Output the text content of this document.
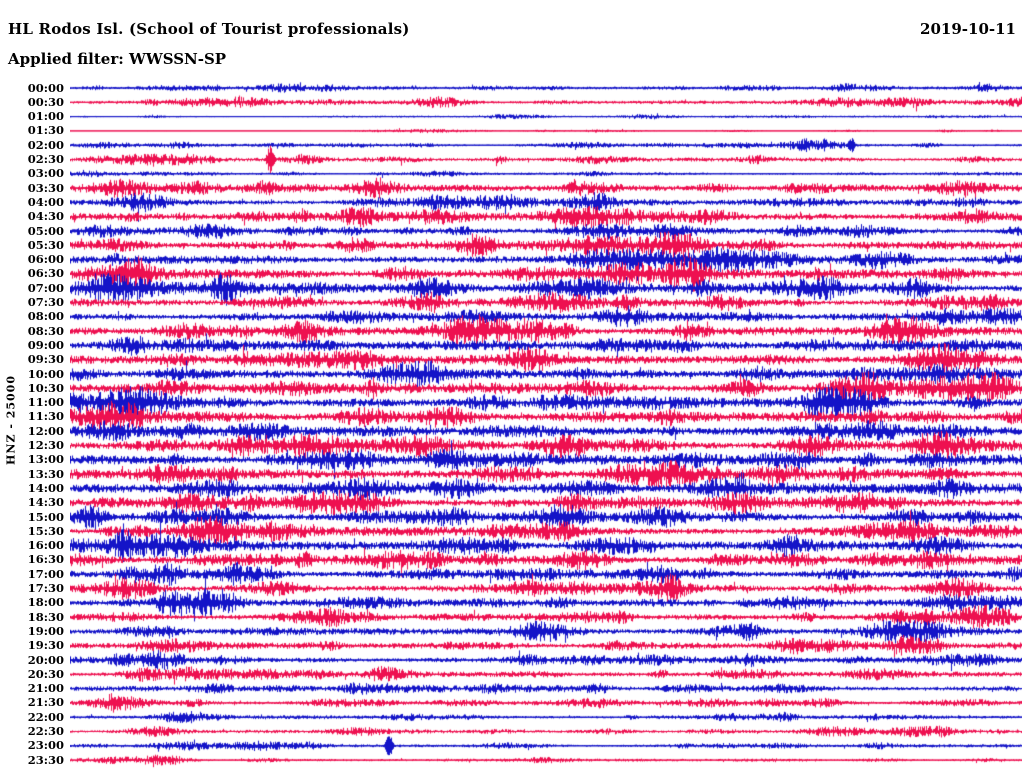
HL Rodos Isl. (School of Tourist professionals)	2019-10-11
Applied filter: WWSSN-SP
HNZ - 25000
00:00
00:30
01:00
01:30
02:00
02:30
03:00
03:30
04:00
04:30
05:00
05:30
06:00
06:30
07:00
07:30
08:00
08:30
09:00
09:30
10:00
10:30
11:00
11:30
12:00
12:30
13:00
13:30
14:00
14:30
15:00
15:30
16:00
16:30
17:00
17:30
18:00
18:30
19:00
19:30
20:00
20:30
21:00
21:30
22:00
22:30
23:00
23:30
